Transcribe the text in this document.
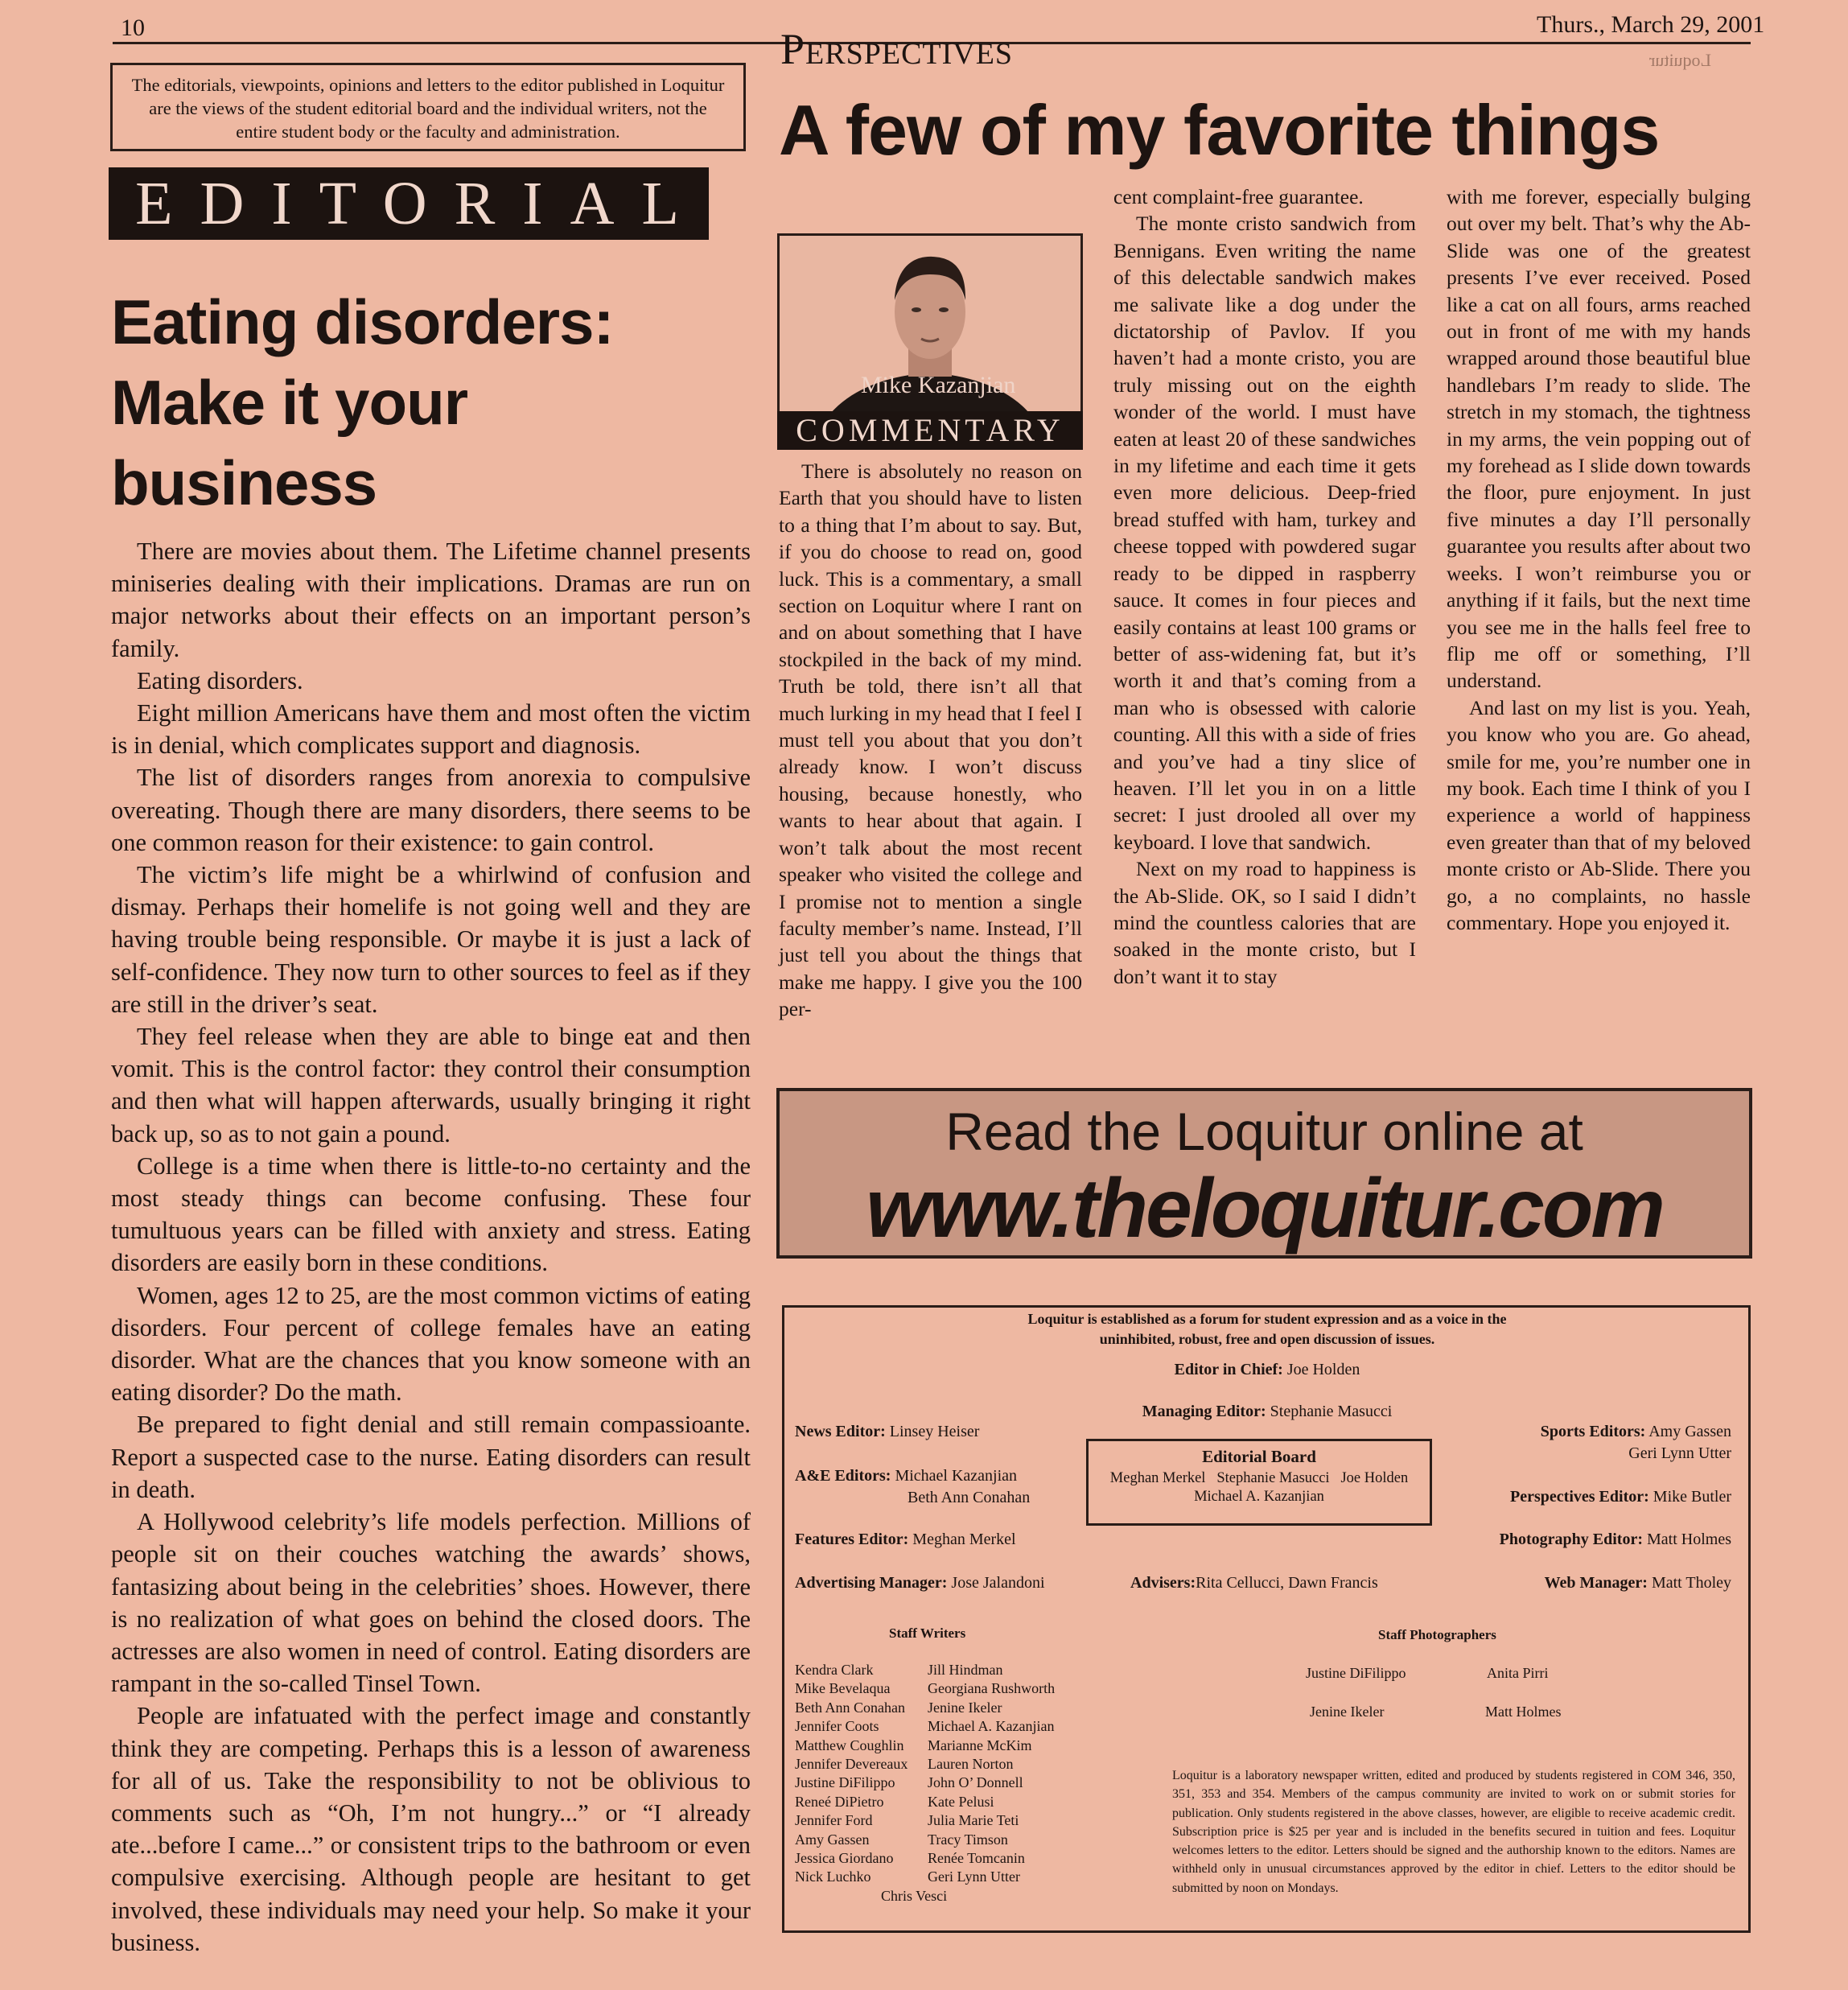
10	Perspectives
Thurs., March 29, 2001
Loquitur
The editorials, viewpoints, opinions and letters to the editor published in Loquitur are the views of the student editorial board and the individual writers, not the entire student body or the faculty and administration.
EDITORIAL
Eating disorders:
Make it your
business

There are movies about them. The Lifetime channel presents miniseries dealing with their implications. Dramas are run on major networks about their effects on an important person’s family.

Eating disorders.

Eight million Americans have them and most often the victim is in denial, which complicates support and diagnosis.

The list of disorders ranges from anorexia to compulsive overeating. Though there are many disorders, there seems to be one common reason for their existence: to gain control.

The victim’s life might be a whirlwind of confusion and dismay. Perhaps their homelife is not going well and they are having trouble being responsible. Or maybe it is just a lack of self-confidence. They now turn to other sources to feel as if they are still in the driver’s seat.

They feel release when they are able to binge eat and then vomit. This is the control factor: they control their consumption and then what will happen afterwards, usually bringing it right back up, so as to not gain a pound.

College is a time when there is little-to-no certainty and the most steady things can become confusing. These four tumultuous years can be filled with anxiety and stress. Eating disorders are easily born in these conditions.

Women, ages 12 to 25, are the most common victims of eating disorders. Four percent of college females have an eating disorder. What are the chances that you know someone with an eating disorder? Do the math.

Be prepared to fight denial and still remain compassioante. Report a suspected case to the nurse. Eating disorders can result in death.

A Hollywood celebrity’s life models perfection. Millions of people sit on their couches watching the awards’ shows, fantasizing about being in the celebrities’ shoes. However, there is no realization of what goes on behind the closed doors. The actresses are also women in need of control. Eating disorders are rampant in the so-called Tinsel Town.

People are infatuated with the perfect image and constantly think they are competing. Perhaps this is a lesson of awareness for all of us. Take the responsibility to not be oblivious to comments such as “Oh, I’m not hungry...” or “I already ate...before I came...” or consistent trips to the bathroom or even compulsive exercising. Although people are hesitant to get involved, these individuals may need your help. So make it your business.

A few of my favorite things
Mike Kazanjian
COMMENTARY

There is absolutely no reason on Earth that you should have to listen to a thing that I’m about to say. But, if you do choose to read on, good luck. This is a commentary, a small section on Loquitur where I rant on and on about something that I have stockpiled in the back of my mind. Truth be told, there isn’t all that much lurking in my head that I feel I must tell you about that you don’t already know. I won’t discuss housing, because honestly, who wants to hear about that again. I won’t talk about the most recent speaker who visited the college and I promise not to mention a single faculty member’s name. Instead, I’ll just tell you about the things that make me happy. I give you the 100 per-

cent complaint-free guarantee.

The monte cristo sandwich from Bennigans. Even writing the name of this delectable sandwich makes me salivate like a dog under the dictatorship of Pavlov. If you haven’t had a monte cristo, you are truly missing out on the eighth wonder of the world. I must have eaten at least 20 of these sandwiches in my lifetime and each time it gets even more delicious. Deep-fried bread stuffed with ham, turkey and cheese topped with powdered sugar ready to be dipped in raspberry sauce. It comes in four pieces and easily contains at least 100 grams or better of ass-widening fat, but it’s worth it and that’s coming from a man who is obsessed with calorie counting. All this with a side of fries and you’ve had a tiny slice of heaven. I’ll let you in on a little secret: I just drooled all over my keyboard. I love that sandwich.

Next on my road to happiness is the Ab-Slide. OK, so I said I didn’t mind the countless calories that are soaked in the monte cristo, but I don’t want it to stay

with me forever, especially bulging out over my belt. That’s why the Ab-Slide was one of the greatest presents I’ve ever received. Posed like a cat on all fours, arms reached out in front of me with my hands wrapped around those beautiful blue handlebars I’m ready to slide. The stretch in my stomach, the tightness in my arms, the vein popping out of my forehead as I slide down towards the floor, pure enjoyment. In just five minutes a day I’ll personally guarantee you results after about two weeks. I won’t reimburse you or anything if it fails, but the next time you see me in the halls feel free to flip me off or something, I’ll understand.

And last on my list is you. Yeah, you know who you are. Go ahead, smile for me, you’re number one in my book. Each time I think of you I experience a world of happiness even greater than that of my beloved monte cristo or Ab-Slide. There you go, a no complaints, no hassle commentary. Hope you enjoyed it.

Read the Loquitur online at
www.theloquitur.com
Loquitur is established as a forum for student expression and as a voice in the
uninhibited, robust, free and open discussion of issues.
Editor in Chief: Joe Holden
Managing Editor: Stephanie Masucci
News Editor: Linsey Heiser
A&E Editors: Michael Kazanjian
Beth Ann Conahan
Features Editor: Meghan Merkel
Advertising Manager: Jose Jalandoni
Editorial Board
Meghan Merkel   Stephanie Masucci   Joe Holden
Michael A. Kazanjian
Advisers:Rita Cellucci, Dawn Francis
Sports Editors: Amy Gassen
Geri Lynn Utter
Perspectives Editor: Mike Butler
Photography Editor: Matt Holmes
Web Manager: Matt Tholey
Staff Writers
Kendra Clark
Mike Bevelaqua
Beth Ann Conahan
Jennifer Coots
Matthew Coughlin
Jennifer Devereaux
Justine DiFilippo
Reneé DiPietro
Jennifer Ford
Amy Gassen
Jessica Giordano
Nick Luchko
Jill Hindman
Georgiana Rushworth
Jenine Ikeler
Michael A. Kazanjian
Marianne McKim
Lauren Norton
John O’ Donnell
Kate Pelusi
Julia Marie Teti
Tracy Timson
Renée Tomcanin
Geri Lynn Utter
Chris Vesci
Staff Photographers
Justine DiFilippo	Anita Pirri
Jenine Ikeler	Matt Holmes
Loquitur is a laboratory newspaper written, edited and produced by students registered in COM 346, 350, 351, 353 and 354. Members of the campus community are invited to work on or submit stories for publication. Only students registered in the above classes, however, are eligible to receive academic credit. Subscription price is $25 per year and is included in the benefits secured in tuition and fees. Loquitur welcomes letters to the editor. Letters should be signed and the authorship known to the editors. Names are withheld only in unusual circumstances approved by the editor in chief. Letters to the editor should be submitted by noon on Mondays.
